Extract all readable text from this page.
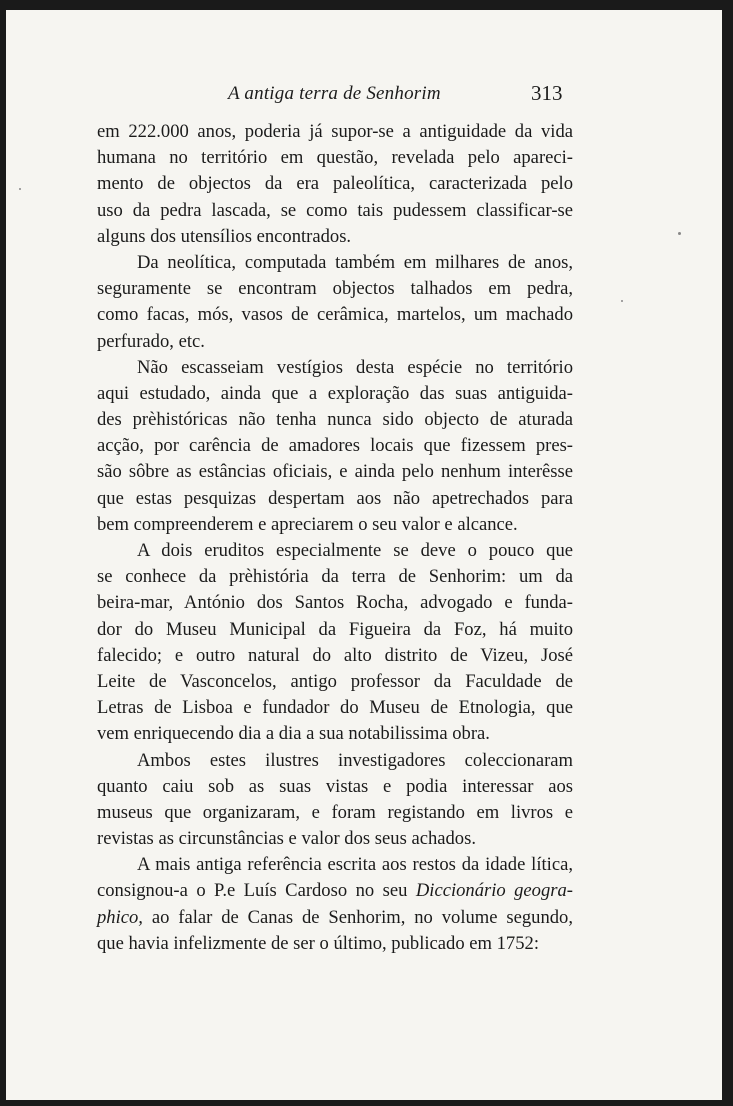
A antiga terra de Senhorim	313
em 222.000 anos, poderia já supor-se a antiguidade da vida
humana no território em questão, revelada pelo apareci-
mento de objectos da era paleolítica, caracterizada pelo
uso da pedra lascada, se como tais pudessem classificar-se
alguns dos utensílios encontrados.
Da neolítica, computada também em milhares de anos,
seguramente se encontram objectos talhados em pedra,
como facas, mós, vasos de cerâmica, martelos, um machado
perfurado, etc.
Não escasseiam vestígios desta espécie no território
aqui estudado, ainda que a exploração das suas antiguida-
des prèhistóricas não tenha nunca sido objecto de aturada
acção, por carência de amadores locais que fizessem pres-
são sôbre as estâncias oficiais, e ainda pelo nenhum interêsse
que estas pesquizas despertam aos não apetrechados para
bem compreenderem e apreciarem o seu valor e alcance.
A dois eruditos especialmente se deve o pouco que
se conhece da prèhistória da terra de Senhorim: um da
beira-mar, António dos Santos Rocha, advogado e funda-
dor do Museu Municipal da Figueira da Foz, há muito
falecido; e outro natural do alto distrito de Vizeu, José
Leite de Vasconcelos, antigo professor da Faculdade de
Letras de Lisboa e fundador do Museu de Etnologia, que
vem enriquecendo dia a dia a sua notabilissima obra.
Ambos estes ilustres investigadores coleccionaram
quanto caiu sob as suas vistas e podia interessar aos
museus que organizaram, e foram registando em livros e
revistas as circunstâncias e valor dos seus achados.
A mais antiga referência escrita aos restos da idade lítica,
consignou-a o P.e Luís Cardoso no seu Diccionário geogra-
phico, ao falar de Canas de Senhorim, no volume segundo,
que havia infelizmente de ser o último, publicado em 1752:
